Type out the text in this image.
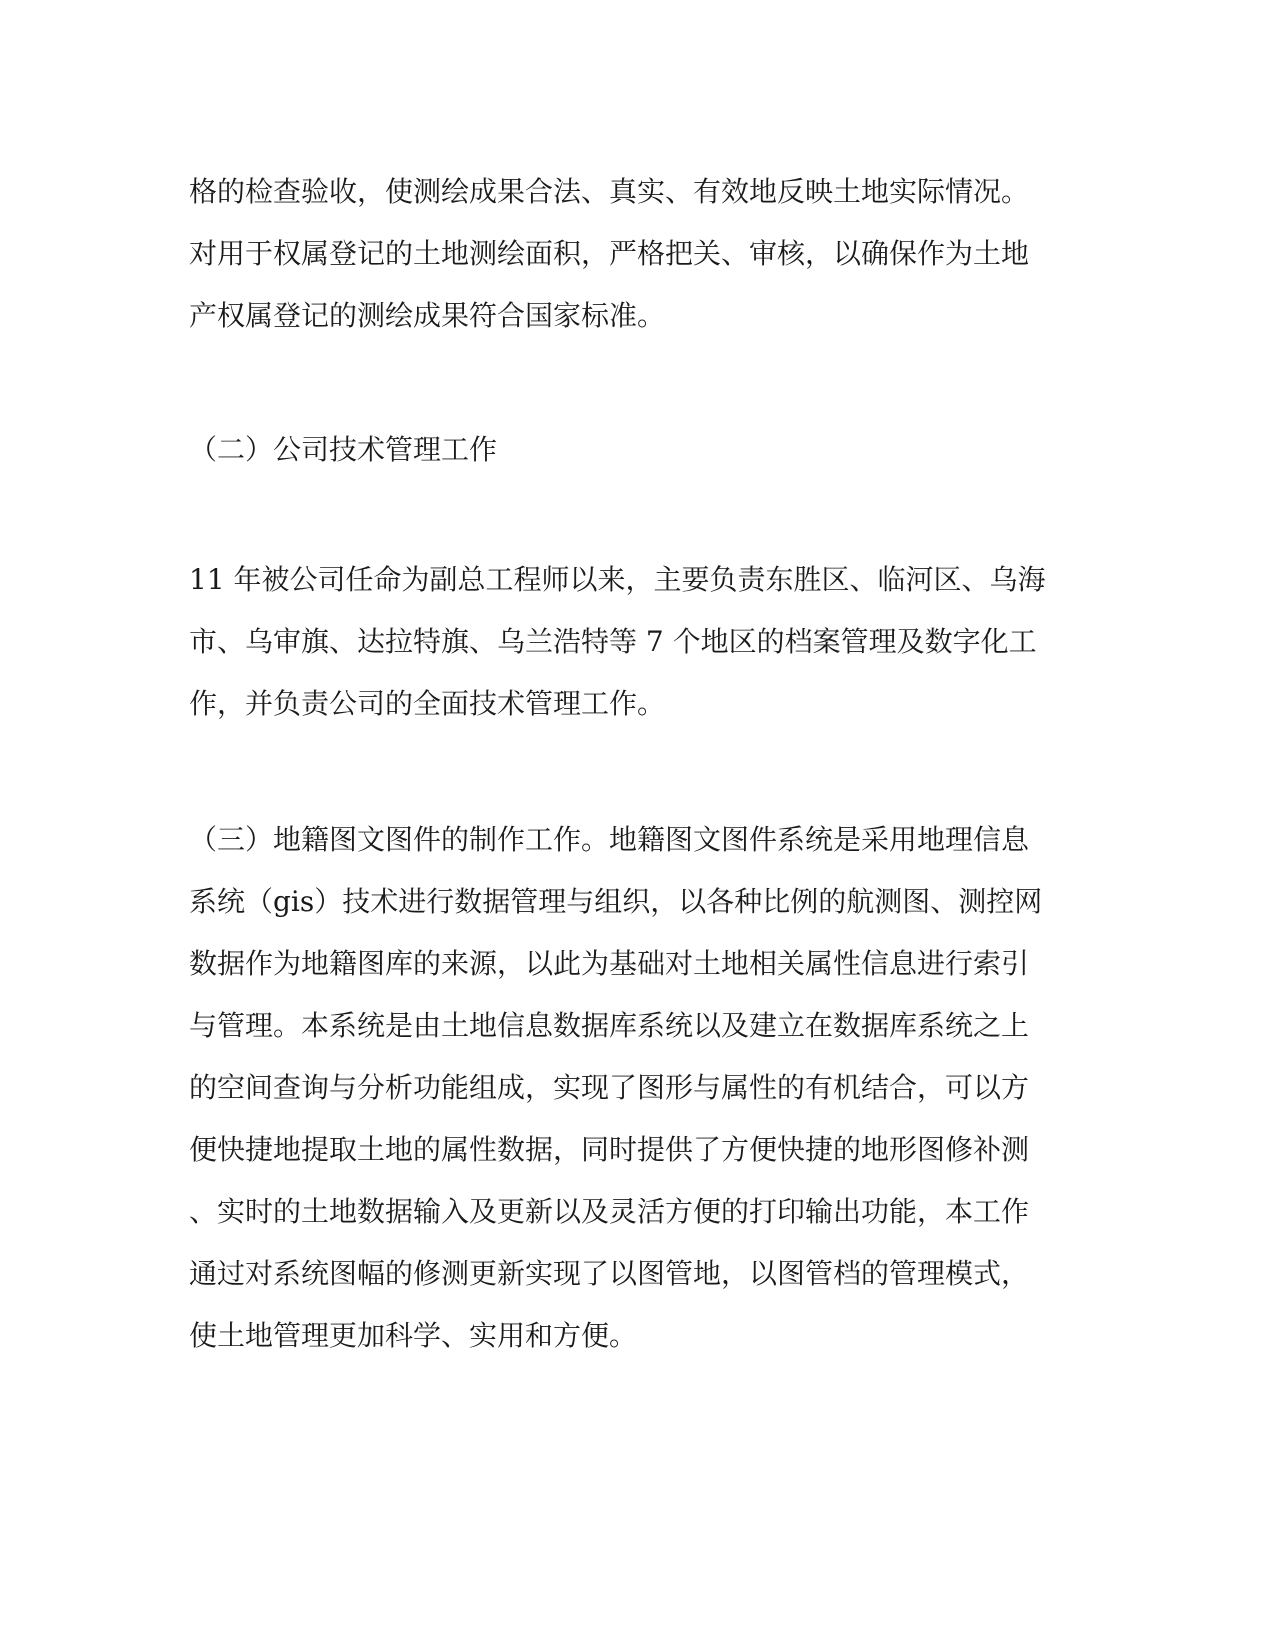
格的检查验收，使测绘成果合法、真实、有效地反映土地实际情况。
对用于权属登记的土地测绘面积，严格把关、审核，以确保作为土地
产权属登记的测绘成果符合国家标准。
（二）公司技术管理工作
11 年被公司任命为副总工程师以来，主要负责东胜区、临河区、乌海
市、乌审旗、达拉特旗、乌兰浩特等 7 个地区的档案管理及数字化工
作，并负责公司的全面技术管理工作。
（三）地籍图文图件的制作工作。地籍图文图件系统是采用地理信息
系统（gis）技术进行数据管理与组织，以各种比例的航测图、测控网
数据作为地籍图库的来源，以此为基础对土地相关属性信息进行索引
与管理。本系统是由土地信息数据库系统以及建立在数据库系统之上
的空间查询与分析功能组成，实现了图形与属性的有机结合，可以方
便快捷地提取土地的属性数据，同时提供了方便快捷的地形图修补测
、实时的土地数据输入及更新以及灵活方便的打印输出功能，本工作
通过对系统图幅的修测更新实现了以图管地，以图管档的管理模式，
使土地管理更加科学、实用和方便。
